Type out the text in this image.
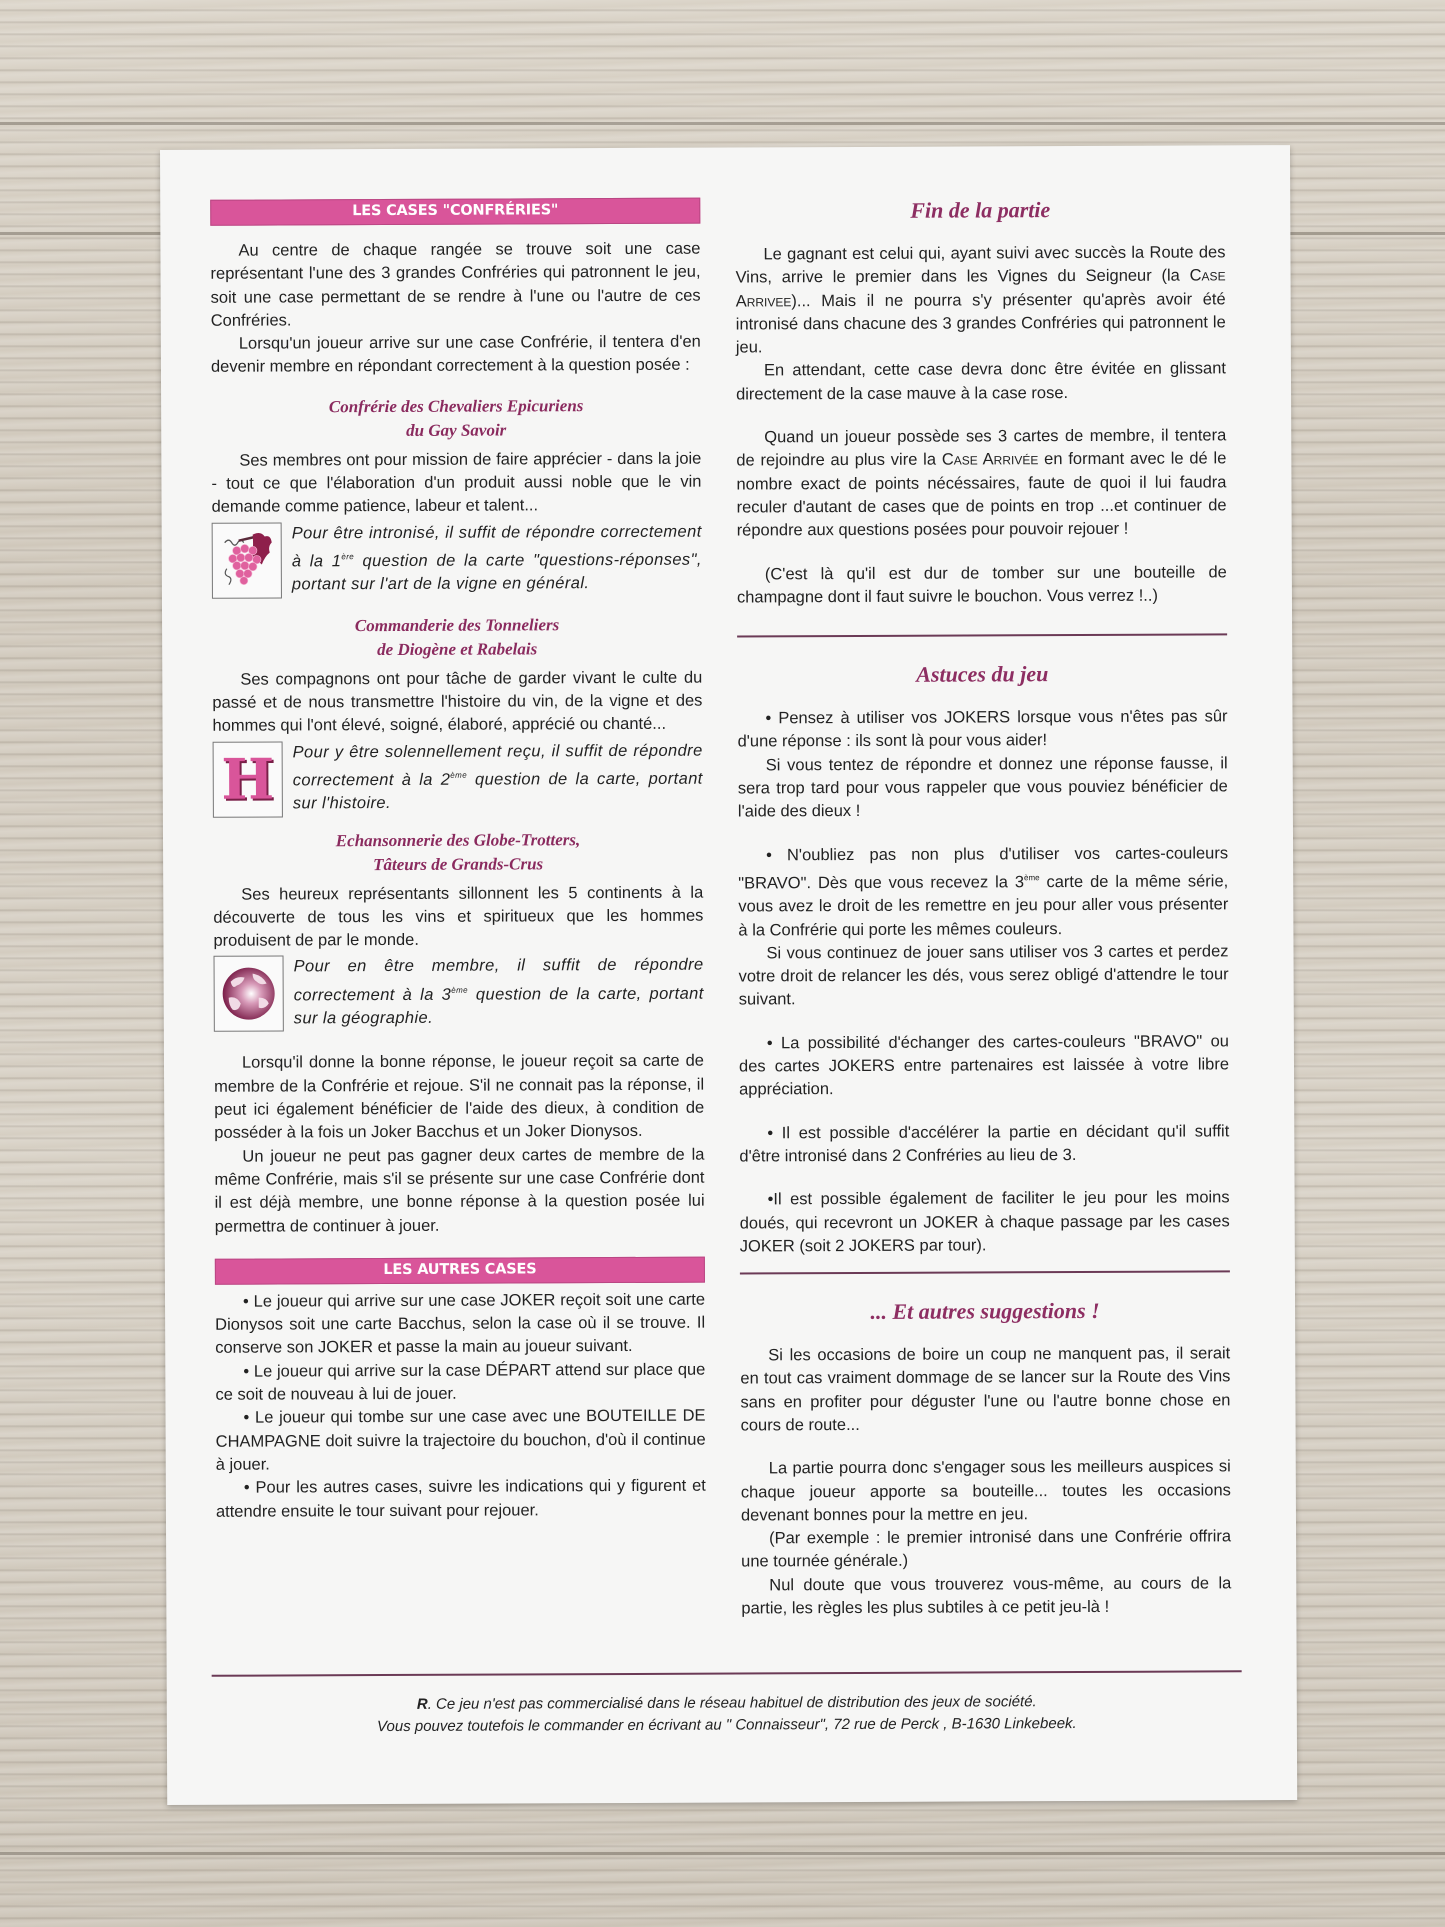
LES CASES "CONFRÉRIES"

Au centre de chaque rangée se trouve soit une case représentant l'une des 3 grandes Confréries qui patronnent le jeu, soit une case permettant de se rendre à l'une ou l'autre de ces Confréries.

Lorsqu'un joueur arrive sur une case Confrérie, il tentera d'en devenir membre en répondant correctement à la question posée :

Confrérie des Chevaliers Epicuriens
du Gay Savoir

Ses membres ont pour mission de faire apprécier - dans la joie - tout ce que l'élaboration d'un produit aussi noble que le vin demande comme patience, labeur et talent...

Pour être intronisé, il suffit de répondre correctement à la 1ère question de la carte "questions-réponses", portant sur l'art de la vigne en général.

Commanderie des Tonneliers
de Diogène et Rabelais

Ses compagnons ont pour tâche de garder vivant le culte du passé et de nous transmettre l'histoire du vin, de la vigne et des hommes qui l'ont élevé, soigné, élaboré, apprécié ou chanté...

H Pour y être solennellement reçu, il suffit de répondre correctement à la 2ème question de la carte, portant sur l'histoire.

Echansonnerie des Globe-Trotters,
Tâteurs de Grands-Crus

Ses heureux représentants sillonnent les 5 continents à la découverte de tous les vins et spiritueux que les hommes produisent de par le monde.

Pour en être membre, il suffit de répondre correctement à la 3ème question de la carte, portant sur la géographie.

Lorsqu'il donne la bonne réponse, le joueur reçoit sa carte de membre de la Confrérie et rejoue. S'il ne connait pas la réponse, il peut ici également bénéficier de l'aide des dieux, à condition de posséder à la fois un Joker Bacchus et un Joker Dionysos.

Un joueur ne peut pas gagner deux cartes de membre de la même Confrérie, mais s'il se présente sur une case Confrérie dont il est déjà membre, une bonne réponse à la question posée lui permettra de continuer à jouer.

LES AUTRES CASES

• Le joueur qui arrive sur une case JOKER reçoit soit une carte Dionysos soit une carte Bacchus, selon la case où il se trouve. Il conserve son JOKER et passe la main au joueur suivant.

• Le joueur qui arrive sur la case DÉPART attend sur place que ce soit de nouveau à lui de jouer.

• Le joueur qui tombe sur une case avec une BOUTEILLE DE CHAMPAGNE doit suivre la trajectoire du bouchon, d'où il continue à jouer.

• Pour les autres cases, suivre les indications qui y figurent et attendre ensuite le tour suivant pour rejouer.

Fin de la partie

Le gagnant est celui qui, ayant suivi avec succès la Route des Vins, arrive le premier dans les Vignes du Seigneur (la Case Arrivee)... Mais il ne pourra s'y présenter qu'après avoir été intronisé dans chacune des 3 grandes Confréries qui patronnent le jeu.

En attendant, cette case devra donc être évitée en glissant directement de la case mauve à la case rose.

Quand un joueur possède ses 3 cartes de membre, il tentera de rejoindre au plus vire la Case Arrivée en formant avec le dé le nombre exact de points nécéssaires, faute de quoi il lui faudra reculer d'autant de cases que de points en trop ...et continuer de répondre aux questions posées pour pouvoir rejouer !

(C'est là qu'il est dur de tomber sur une bouteille de champagne dont il faut suivre le bouchon. Vous verrez !..)

Astuces du jeu

• Pensez à utiliser vos JOKERS lorsque vous n'êtes pas sûr d'une réponse : ils sont là pour vous aider!

Si vous tentez de répondre et donnez une réponse fausse, il sera trop tard pour vous rappeler que vous pouviez bénéficier de l'aide des dieux !

• N'oubliez pas non plus d'utiliser vos cartes-couleurs "BRAVO". Dès que vous recevez la 3ème carte de la même série, vous avez le droit de les remettre en jeu pour aller vous présenter à la Confrérie qui porte les mêmes couleurs.

Si vous continuez de jouer sans utiliser vos 3 cartes et perdez votre droit de relancer les dés, vous serez obligé d'attendre le tour suivant.

• La possibilité d'échanger des cartes-couleurs "BRAVO" ou des cartes JOKERS entre partenaires est laissée à votre libre appréciation.

• Il est possible d'accélérer la partie en décidant qu'il suffit d'être intronisé dans 2 Confréries au lieu de 3.

•Il est possible également de faciliter le jeu pour les moins doués, qui recevront un JOKER à chaque passage par les cases JOKER (soit 2 JOKERS par tour).

... Et autres suggestions !

Si les occasions de boire un coup ne manquent pas, il serait en tout cas vraiment dommage de se lancer sur la Route des Vins sans en profiter pour déguster l'une ou l'autre bonne chose en cours de route...

La partie pourra donc s'engager sous les meilleurs auspices si chaque joueur apporte sa bouteille... toutes les occasions devenant bonnes pour la mettre en jeu.

(Par exemple : le premier intronisé dans une Confrérie offrira une tournée générale.)

Nul doute que vous trouverez vous-même, au cours de la partie, les règles les plus subtiles à ce petit jeu-là !

R. Ce jeu n'est pas commercialisé dans le réseau habituel de distribution des jeux de société.
Vous pouvez toutefois le commander en écrivant au " Connaisseur", 72 rue de Perck , B-1630 Linkebeek.
